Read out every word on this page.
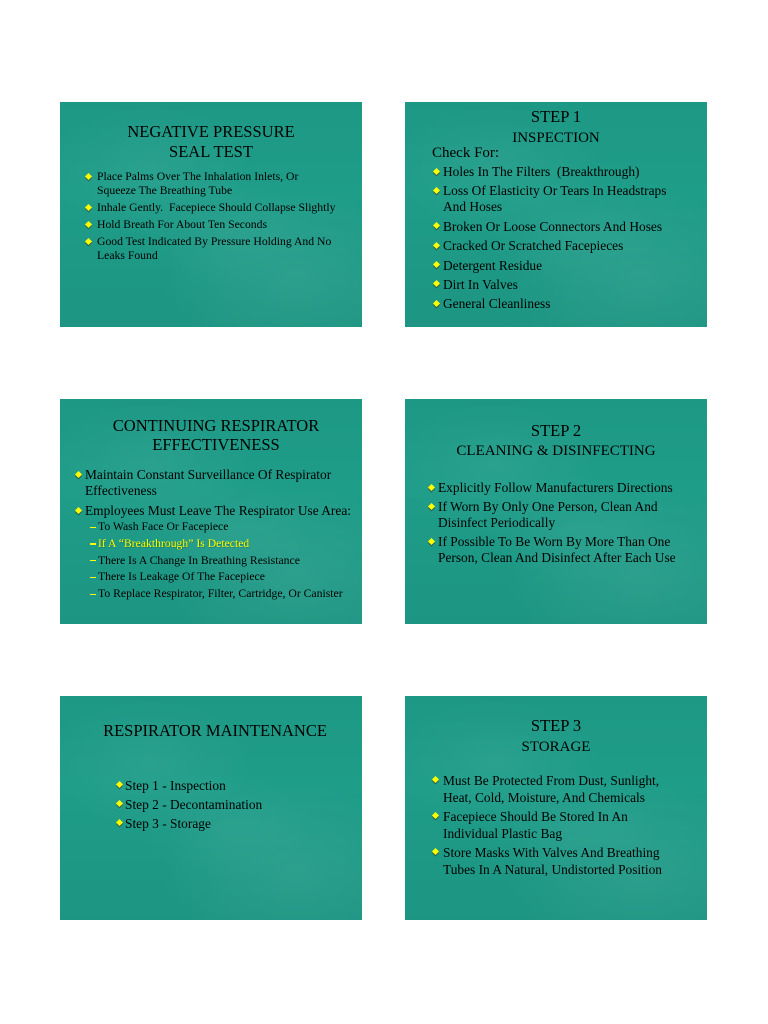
NEGATIVE PRESSURE
SEAL TEST
Place Palms Over The Inhalation Inlets, Or
Squeeze The Breathing Tube
Inhale Gently.  Facepiece Should Collapse Slightly
Hold Breath For About Ten Seconds
Good Test Indicated By Pressure Holding And No
Leaks Found
STEP 1
INSPECTION
Check For:
Holes In The Filters  (Breakthrough)
Loss Of Elasticity Or Tears In Headstraps
And Hoses
Broken Or Loose Connectors And Hoses
Cracked Or Scratched Facepieces
Detergent Residue
Dirt In Valves
General Cleanliness
CONTINUING RESPIRATOR
EFFECTIVENESS
Maintain Constant Surveillance Of Respirator
Effectiveness
Employees Must Leave The Respirator Use Area:
To Wash Face Or Facepiece
If A “Breakthrough” Is Detected
There Is A Change In Breathing Resistance
There Is Leakage Of The Facepiece
To Replace Respirator, Filter, Cartridge, Or Canister
STEP 2
CLEANING & DISINFECTING
Explicitly Follow Manufacturers Directions
If Worn By Only One Person, Clean And
Disinfect Periodically
If Possible To Be Worn By More Than One
Person, Clean And Disinfect After Each Use
RESPIRATOR MAINTENANCE
Step 1 - Inspection
Step 2 - Decontamination
Step 3 - Storage
STEP 3
STORAGE
Must Be Protected From Dust, Sunlight,
Heat, Cold, Moisture, And Chemicals
Facepiece Should Be Stored In An
Individual Plastic Bag
Store Masks With Valves And Breathing
Tubes In A Natural, Undistorted Position
